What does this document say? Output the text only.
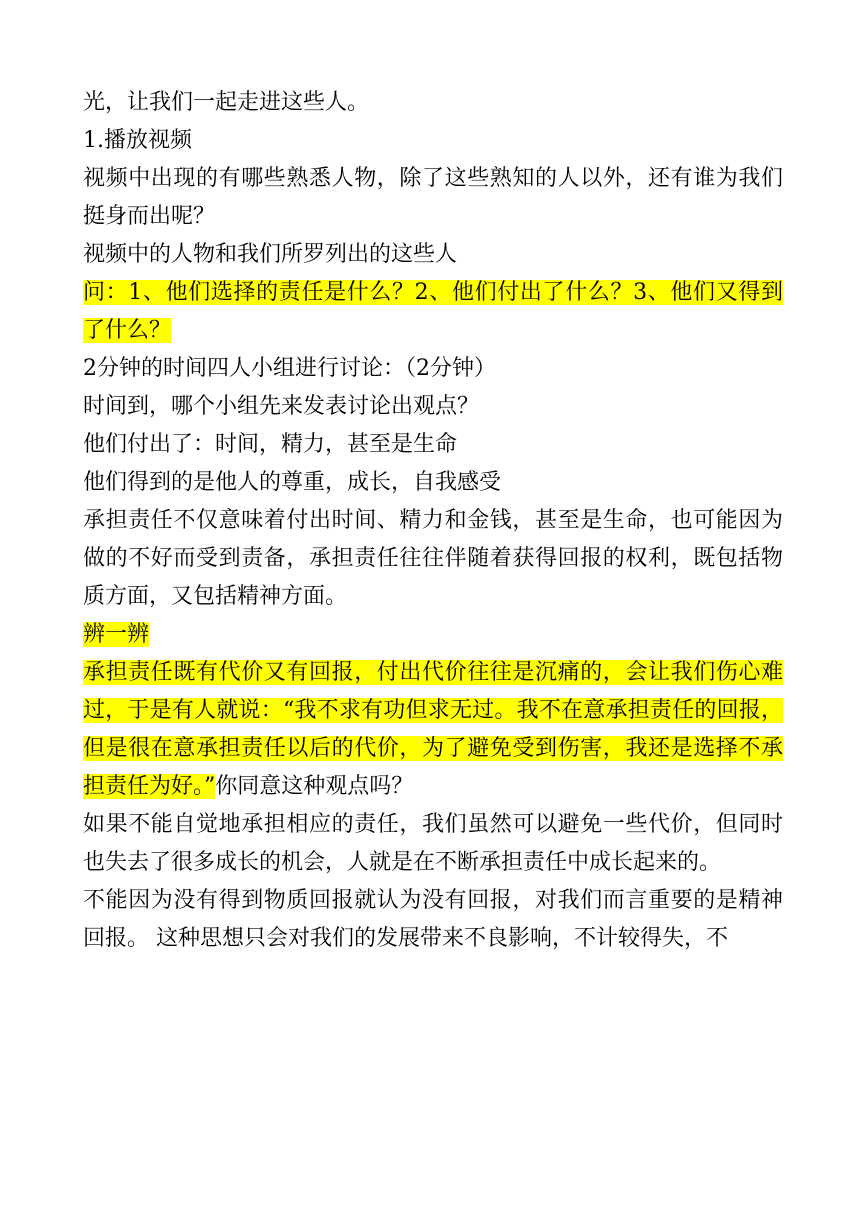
光，让我们一起走进这些人。

1.播放视频

视频中出现的有哪些熟悉人物，除了这些熟知的人以外，还有谁为我们挺身而出呢？

视频中的人物和我们所罗列出的这些人

问：1、他们选择的责任是什么？2、他们付出了什么？3、他们又得到了什么？

2分钟的时间四人小组进行讨论：（2分钟）

时间到，哪个小组先来发表讨论出观点？

他们付出了：时间，精力，甚至是生命

他们得到的是他人的尊重，成长，自我感受

承担责任不仅意味着付出时间、精力和金钱，甚至是生命，也可能因为做的不好而受到责备，承担责任往往伴随着获得回报的权利，既包括物质方面，又包括精神方面。

辨一辨

承担责任既有代价又有回报，付出代价往往是沉痛的，会让我们伤心难过，于是有人就说：“我不求有功但求无过。我不在意承担责任的回报，但是很在意承担责任以后的代价，为了避免受到伤害，我还是选择不承担责任为好。”你同意这种观点吗？

如果不能自觉地承担相应的责任，我们虽然可以避免一些代价，但同时也失去了很多成长的机会，人就是在不断承担责任中成长起来的。

不能因为没有得到物质回报就认为没有回报，对我们而言重要的是精神回报。 这种思想只会对我们的发展带来不良影响，不计较得失，不
